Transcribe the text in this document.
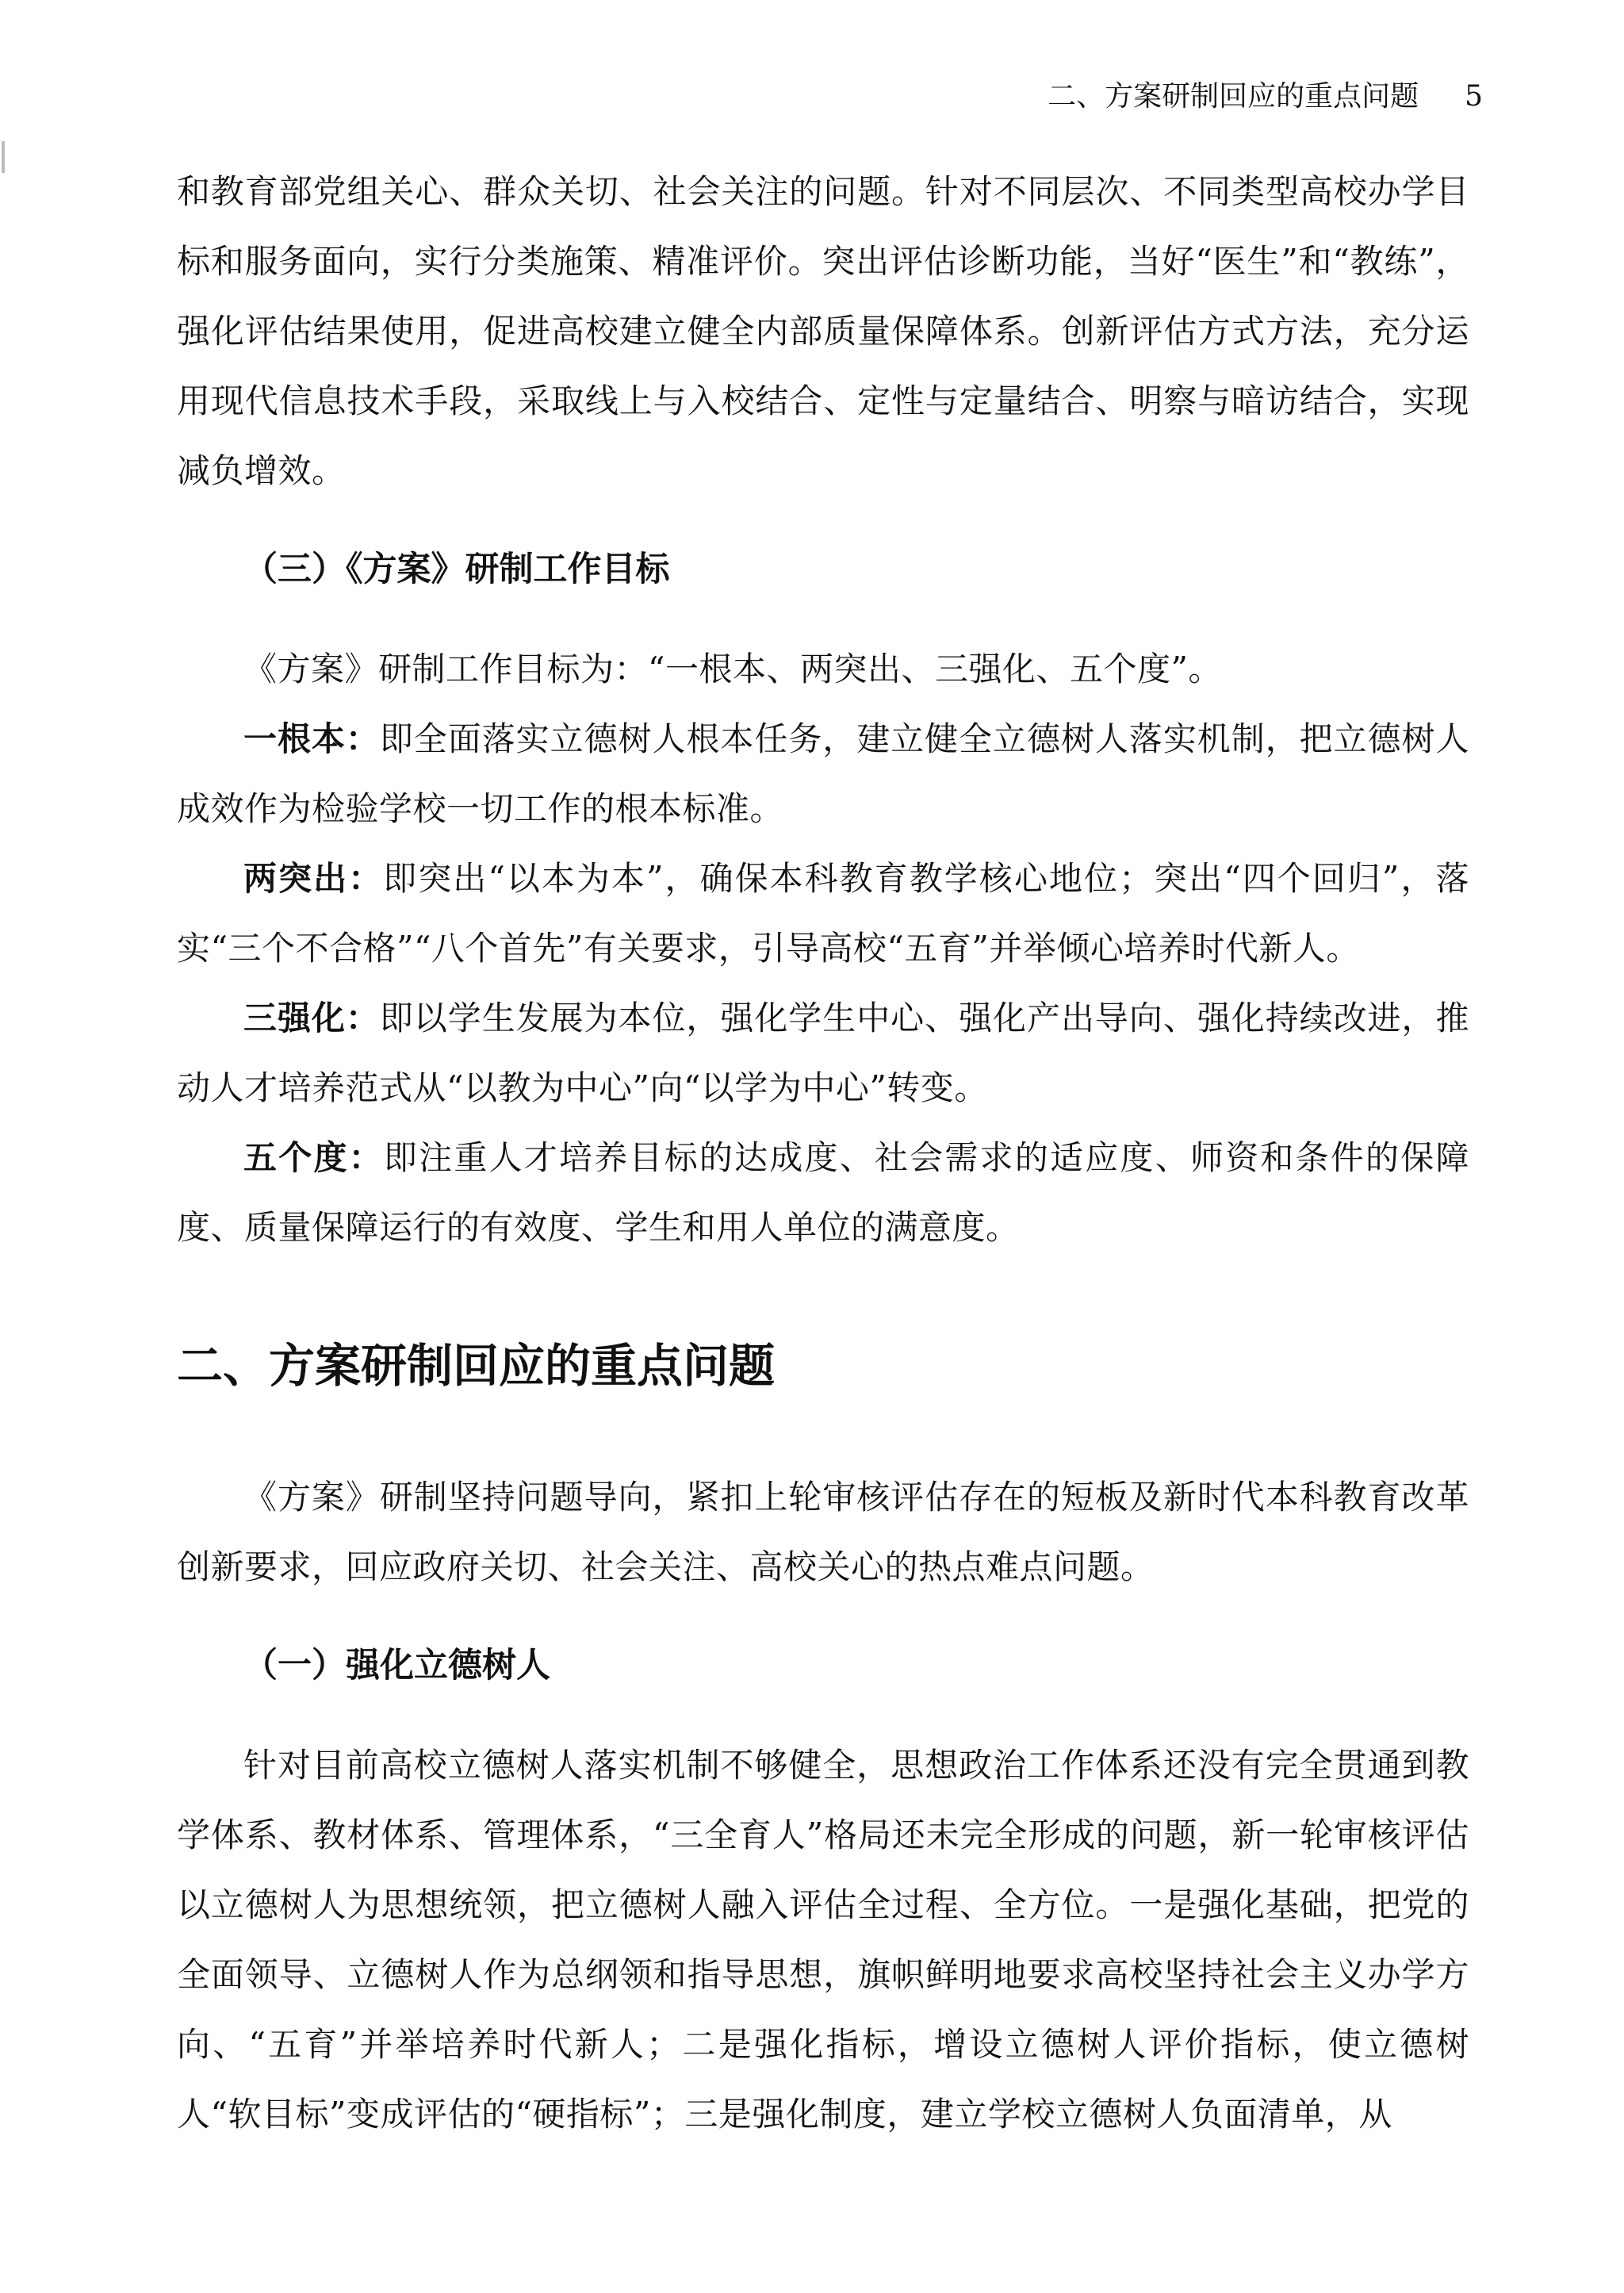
二、方案研制回应的重点问题 5

和教育部党组关心、群众关切、社会关注的问题。针对不同层次、不同类型高校办学目标和服务面向，实行分类施策、精准评价。突出评估诊断功能，当好“医生”和“教练”，强化评估结果使用，促进高校建立健全内部质量保障体系。创新评估方式方法，充分运用现代信息技术手段，采取线上与入校结合、定性与定量结合、明察与暗访结合，实现减负增效。

（三）《方案》研制工作目标

《方案》研制工作目标为：“一根本、两突出、三强化、五个度”。

一根本：即全面落实立德树人根本任务，建立健全立德树人落实机制，把立德树人成效作为检验学校一切工作的根本标准。

两突出：即突出“以本为本”，确保本科教育教学核心地位；突出“四个回归”，落实“三个不合格”“八个首先”有关要求，引导高校“五育”并举倾心培养时代新人。

三强化：即以学生发展为本位，强化学生中心、强化产出导向、强化持续改进，推动人才培养范式从“以教为中心”向“以学为中心”转变。

五个度：即注重人才培养目标的达成度、社会需求的适应度、师资和条件的保障度、质量保障运行的有效度、学生和用人单位的满意度。

二、方案研制回应的重点问题

《方案》研制坚持问题导向，紧扣上轮审核评估存在的短板及新时代本科教育改革创新要求，回应政府关切、社会关注、高校关心的热点难点问题。

（一）强化立德树人

针对目前高校立德树人落实机制不够健全，思想政治工作体系还没有完全贯通到教学体系、教材体系、管理体系，“三全育人”格局还未完全形成的问题，新一轮审核评估以立德树人为思想统领，把立德树人融入评估全过程、全方位。一是强化基础，把党的全面领导、立德树人作为总纲领和指导思想，旗帜鲜明地要求高校坚持社会主义办学方向、“五育”并举培养时代新人；二是强化指标，增设立德树人评价指标，使立德树人“软目标”变成评估的“硬指标”；三是强化制度，建立学校立德树人负面清单，从
